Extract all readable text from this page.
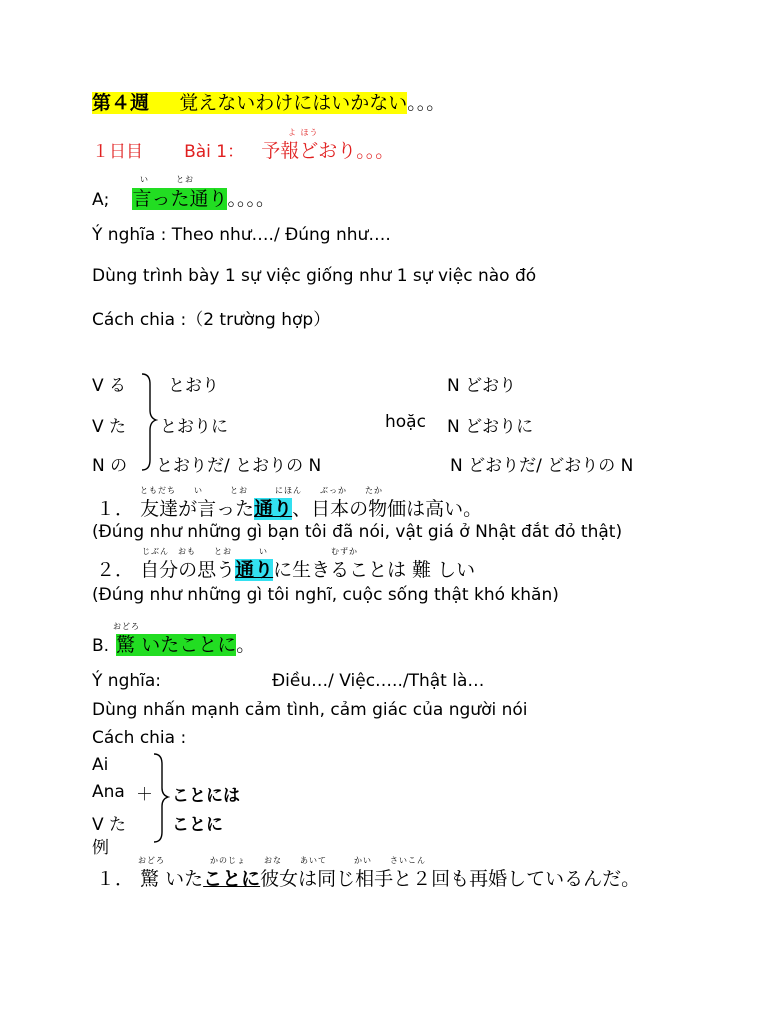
第４週 覚えないわけにはいかない。。。
よ ほう
１日目 Bài 1： 予報どおり。。。
い　　　とお
A; 言った通り。。。。
Ý nghĩa : Theo như…./ Đúng như….
Dùng trình bày 1 sự việc giống như 1 sự việc nào đó
Cách chia :（2 trường hợp）
V る
V た
N の
とおり
とおりに
とおりだ/ とおりの N
hoặc
N どおり
N どおりに
N どおりだ/ どおりの N
ともだち　　い　　　とお　　　にほん　　ぶっか　　たか
１． 友達が言った通り、日本の物価は高い。
(Đúng như những gì bạn tôi đã nói, vật giá ở Nhật đắt đỏ thật)
じぶん　おも　　とお　　　い　　　　　　　むずか
２． 自分の思う通りに生きることは 難 しい
(Đúng như những gì tôi nghĩ, cuộc sống thật khó khăn)
おどろ
B. 驚 いたことに。
Ý nghĩa:	Điều…/ Việc…../Thật là…
Dùng nhấn mạnh cảm tình, cảm giác của người nói
Cách chia :
Ai
Ana ＋
V た
ことには
ことに
例
おどろ　　　　　かのじょ　　おな　　あいて　　　かい　　さいこん
１． 驚 いたことに彼女は同じ相手と２回も再婚しているんだ。
